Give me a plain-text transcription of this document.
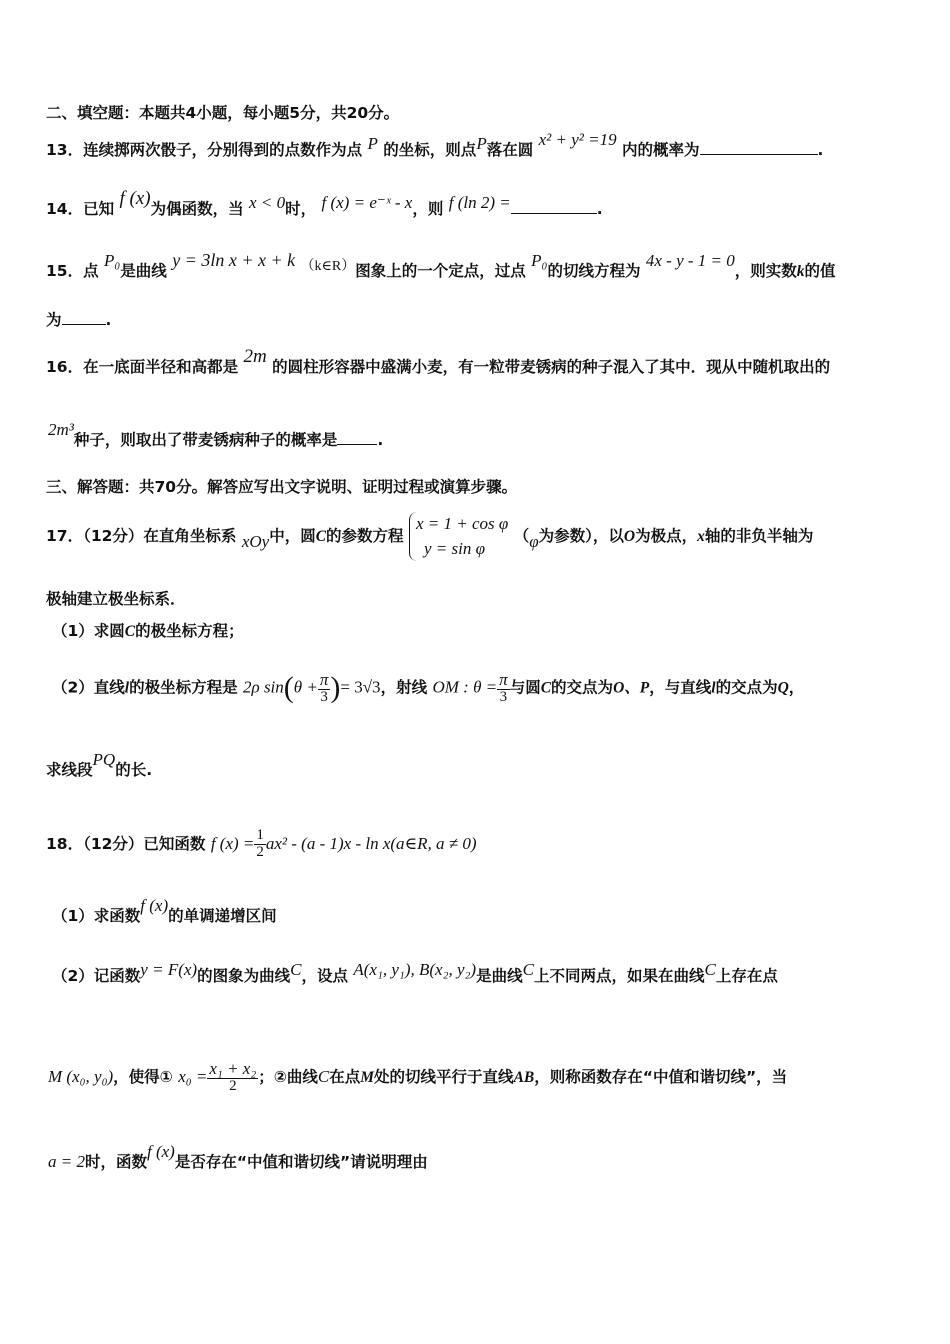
二、填空题：本题共4小题，每小题5分，共20分。
13．连续掷两次骰子，分别得到的点数作为点 P 的坐标，则点P落在圆 x² + y² =19 内的概率为	.
14．已知 f (x)为偶函数，当 x < 0时， f (x) = e⁻ˣ - x，则 f (ln 2) =	.
15．点 P₀是曲线 y = 3ln x + x + k （k∈R）图象上的一个定点，过点 P₀的切线方程为 4x - y - 1 = 0，则实数k的值
为	.
16．在一底面半径和高都是 2m 的圆柱形容器中盛满小麦，有一粒带麦锈病的种子混入了其中．现从中随机取出的
2m³种子，则取出了带麦锈病种子的概率是	.
三、解答题：共70分。解答应写出文字说明、证明过程或演算步骤。
17．（12分）在直角坐标系 xOy中，圆C的参数方程
x = 1 + cos φ
y = sin φ
（φ为参数），以O为极点，x轴的非负半轴为
极轴建立极坐标系．
（1）求圆C的极坐标方程；
（2）直线l的极坐标方程是 2ρ $\sin(\theta + \frac{\pi}{3}$ )= 3√3，射线 OM : $\theta = \frac{\pi}{3}$ 与圆C的交点为O、P，与直线l的交点为Q，
求线段PQ的长.
18．（12分）已知函数 f $(x) = \frac{1}{2} ax^2 - (a - 1)x - \ln$ x(a∈R, a ≠ 0)
（1）求函数f (x)的单调递增区间
（2）记函数y = F(x)的图象为曲线C，设点 A(x₁, y₁), B(x₂, y₂)是曲线C上不同两点，如果在曲线C上存在点
M (x₀, y₀)，使得① $x_0 = \frac{\text{x₁ + x₂}}{2}$ ；②曲线C在点M处的切线平行于直线AB，则称函数存在“中值和谐切线”，当
a = 2时，函数f (x)是否存在“中值和谐切线”请说明理由
